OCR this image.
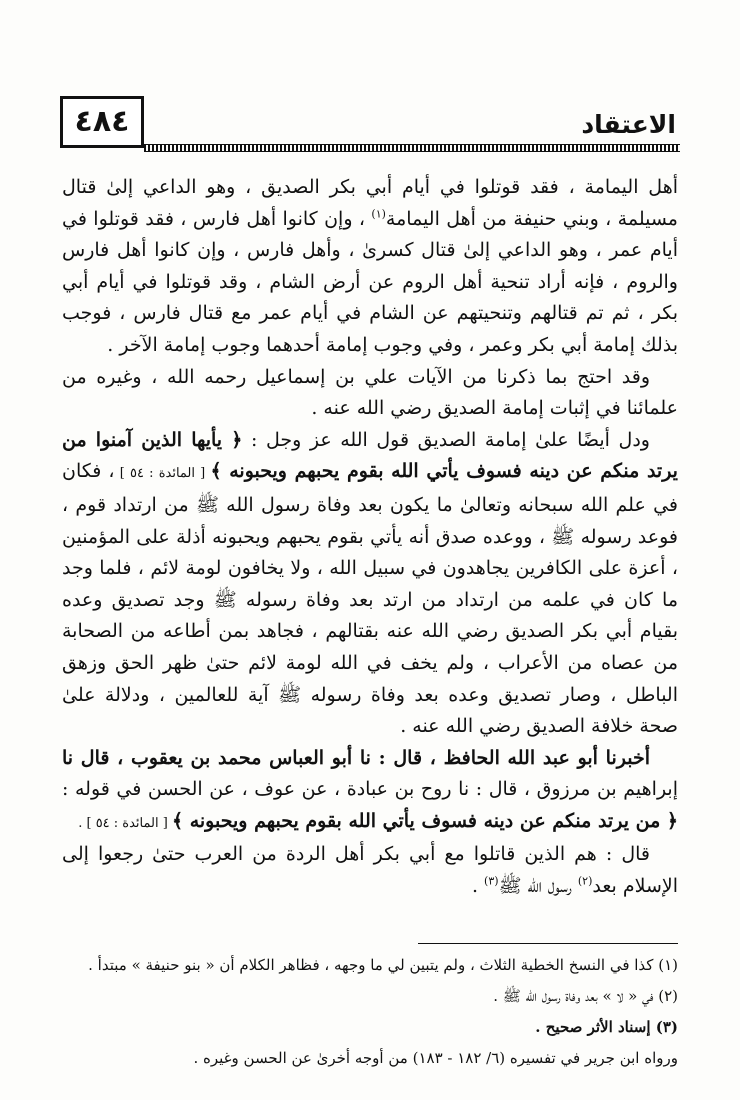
٤٨٤	الاعتقاد

أهل اليمامة ، فقد قوتلوا في أيام أبي بكر الصديق ، وهو الداعي إلىٰ قتال مسيلمة ، وبني حنيفة من أهل اليمامة$^{(١)}$ ، وإن كانوا أهل فارس ، فقد قوتلوا في أيام عمر ، وهو الداعي إلىٰ قتال كسرىٰ ، وأهل فارس ، وإن كانوا أهل فارس والروم ، فإنه أراد تنحية أهل الروم عن أرض الشام ، وقد قوتلوا في أيام أبي بكر ، ثم تم قتالهم وتنحيتهم عن الشام في أيام عمر مع قتال فارس ، فوجب بذلك إمامة أبي بكر وعمر ، وفي وجوب إمامة أحدهما وجوب إمامة الآخر .

وقد احتج بما ذكرنا من الآيات علي بن إسماعيل رحمه الله ، وغيره من علمائنا في إثبات إمامة الصديق رضي الله عنه .

ودل أيضًا علىٰ إمامة الصديق قول الله عز وجل : ﴿ يأيها الذين آمنوا من يرتد منكم عن دينه فسوف يأتي الله بقوم يحبهم ويحبونه ﴾ [ المائدة : ٥٤ ] ، فكان في علم الله سبحانه وتعالىٰ ما يكون بعد وفاة رسول الله ﷺ من ارتداد قوم ، فوعد رسوله ﷺ ، ووعده صدق أنه يأتي بقوم يحبهم ويحبونه أذلة على المؤمنين ، أعزة على الكافرين يجاهدون في سبيل الله ، ولا يخافون لومة لائم ، فلما وجد ما كان في علمه من ارتداد من ارتد بعد وفاة رسوله ﷺ وجد تصديق وعده بقيام أبي بكر الصديق رضي الله عنه بقتالهم ، فجاهد بمن أطاعه من الصحابة من عصاه من الأعراب ، ولم يخف في الله لومة لائم حتىٰ ظهر الحق وزهق الباطل ، وصار تصديق وعده بعد وفاة رسوله ﷺ آية للعالمين ، ودلالة علىٰ صحة خلافة الصديق رضي الله عنه .

أخبرنا أبو عبد الله الحافظ ، قال : نا أبو العباس محمد بن يعقوب ، قال نا إبراهيم بن مرزوق ، قال : نا روح بن عبادة ، عن عوف ، عن الحسن في قوله : ﴿ من يرتد منكم عن دينه فسوف يأتي الله بقوم يحبهم ويحبونه ﴾ [ المائدة : ٥٤ ] .

قال : هم الذين قاتلوا مع أبي بكر أهل الردة من العرب حتىٰ رجعوا إلى الإسلام بعد$^{(٢)}$ رسول الله ﷺ$^{(٣)}$ .

(١) كذا في النسخ الخطية الثلاث ، ولم يتبين لي ما وجهه ، فظاهر الكلام أن « بنو حنيفة » مبتدأ .

(٢) في « لا » بعد وفاة رسول الله ﷺ .

(٣) إسناد الأثر صحيح .

ورواه ابن جرير في تفسيره (٦/ ١٨٢ - ١٨٣) من أوجه أخرىٰ عن الحسن وغيره .
